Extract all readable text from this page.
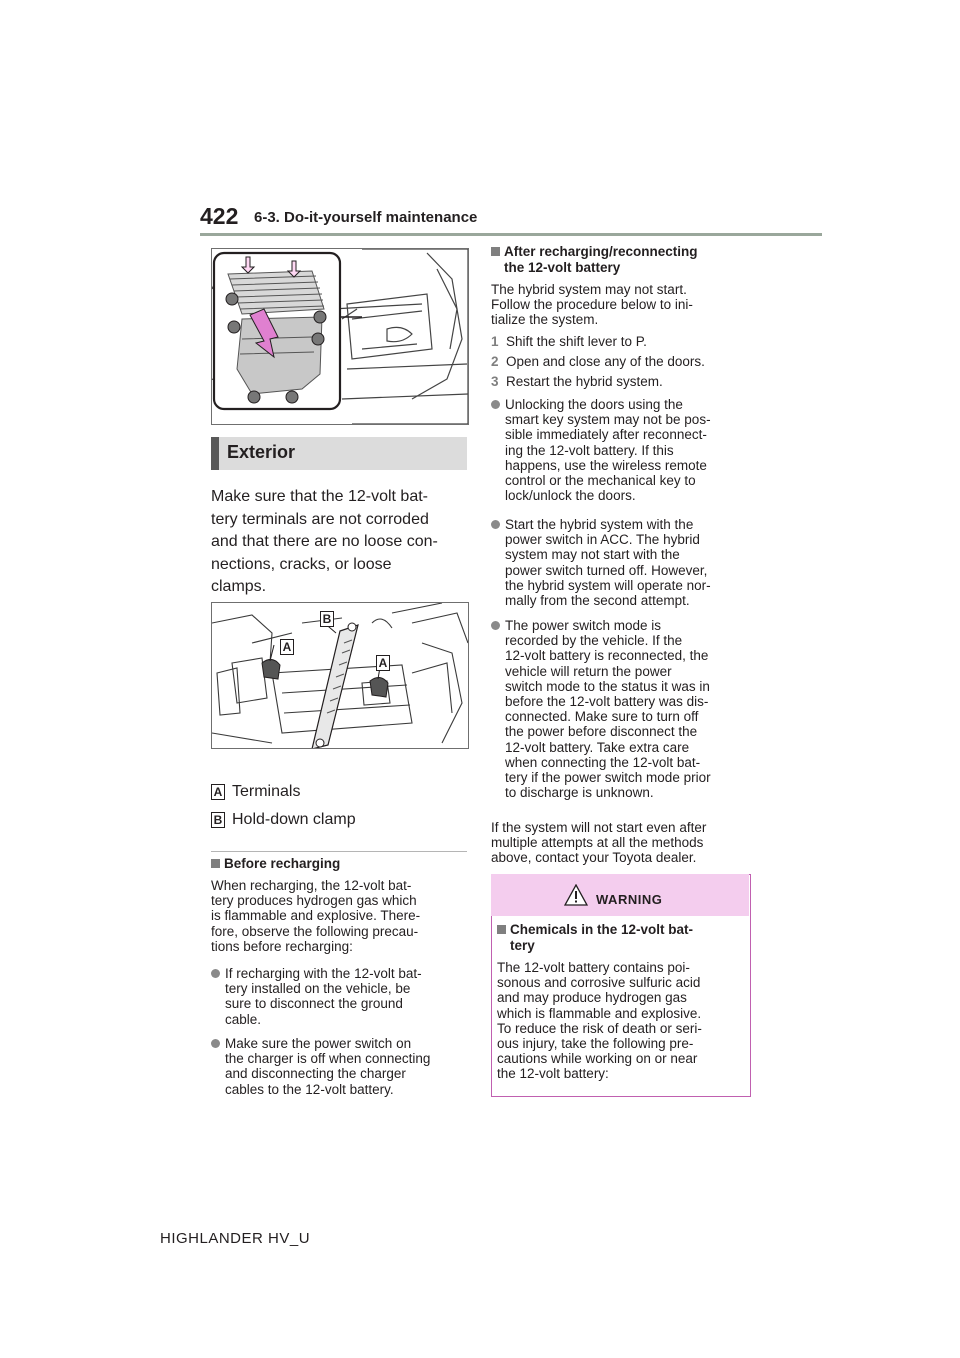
422 6-3. Do-it-yourself maintenance
Exterior
Make sure that the 12-volt bat-
tery terminals are not corroded
and that there are no loose con-
nections, cracks, or loose
clamps.
B
A
A
A Terminals
B Hold-down clamp
Before recharging
When recharging, the 12-volt bat-
tery produces hydrogen gas which
is flammable and explosive. There-
fore, observe the following precau-
tions before recharging:
If recharging with the 12-volt bat-
tery installed on the vehicle, be
sure to disconnect the ground
cable.
Make sure the power switch on
the charger is off when connecting
and disconnecting the charger
cables to the 12-volt battery.
After recharging/reconnecting
the 12-volt battery
The hybrid system may not start.
Follow the procedure below to ini-
tialize the system.
1 Shift the shift lever to P.
2 Open and close any of the doors.
3 Restart the hybrid system.
Unlocking the doors using the
smart key system may not be pos-
sible immediately after reconnect-
ing the 12-volt battery. If this
happens, use the wireless remote
control or the mechanical key to
lock/unlock the doors.
Start the hybrid system with the
power switch in ACC. The hybrid
system may not start with the
power switch turned off. However,
the hybrid system will operate nor-
mally from the second attempt.
The power switch mode is
recorded by the vehicle. If the
12-volt battery is reconnected, the
vehicle will return the power
switch mode to the status it was in
before the 12-volt battery was dis-
connected. Make sure to turn off
the power before disconnect the
12-volt battery. Take extra care
when connecting the 12-volt bat-
tery if the power switch mode prior
to discharge is unknown.
If the system will not start even after
multiple attempts at all the methods
above, contact your Toyota dealer.
WARNING
Chemicals in the 12-volt bat-
tery
The 12-volt battery contains poi-
sonous and corrosive sulfuric acid
and may produce hydrogen gas
which is flammable and explosive.
To reduce the risk of death or seri-
ous injury, take the following pre-
cautions while working on or near
the 12-volt battery:
HIGHLANDER HV_U
